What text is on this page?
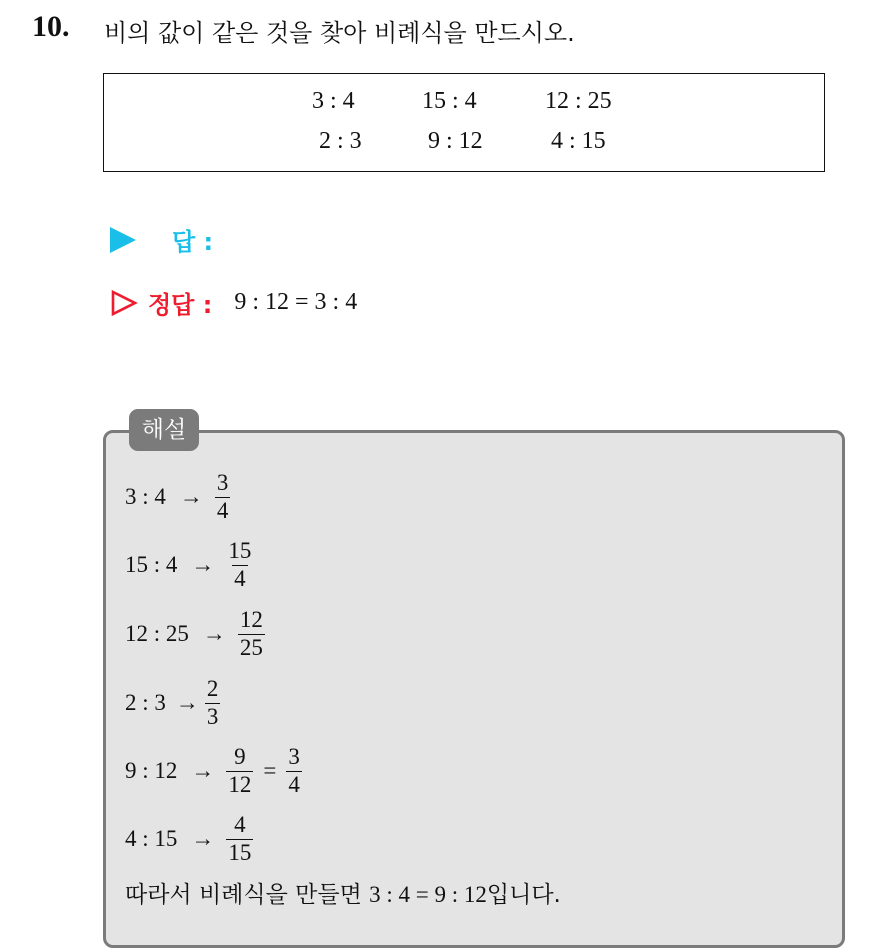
10. 비의 값이 같은 것을 찾아 비례식을 만드시오.
3 : 4	15 : 4	12 : 25
2 : 3	9 : 12	4 : 15
답 :
정답 : 9 : 12 = 3 : 4
해설
3 : $4 \to \frac{3}{4}$
15 : $4 \to \frac{15}{4}$
12 : $25 \to \frac{12}{25}$
2 : $3 \to \frac{2}{3}$
9 : $12 \to \frac{9}{12} = \frac{3}{4}$
4 : $15 \to \frac{4}{15}$
따라서 비례식을 만들면 3 : 4 = 9 : 12입니다.
